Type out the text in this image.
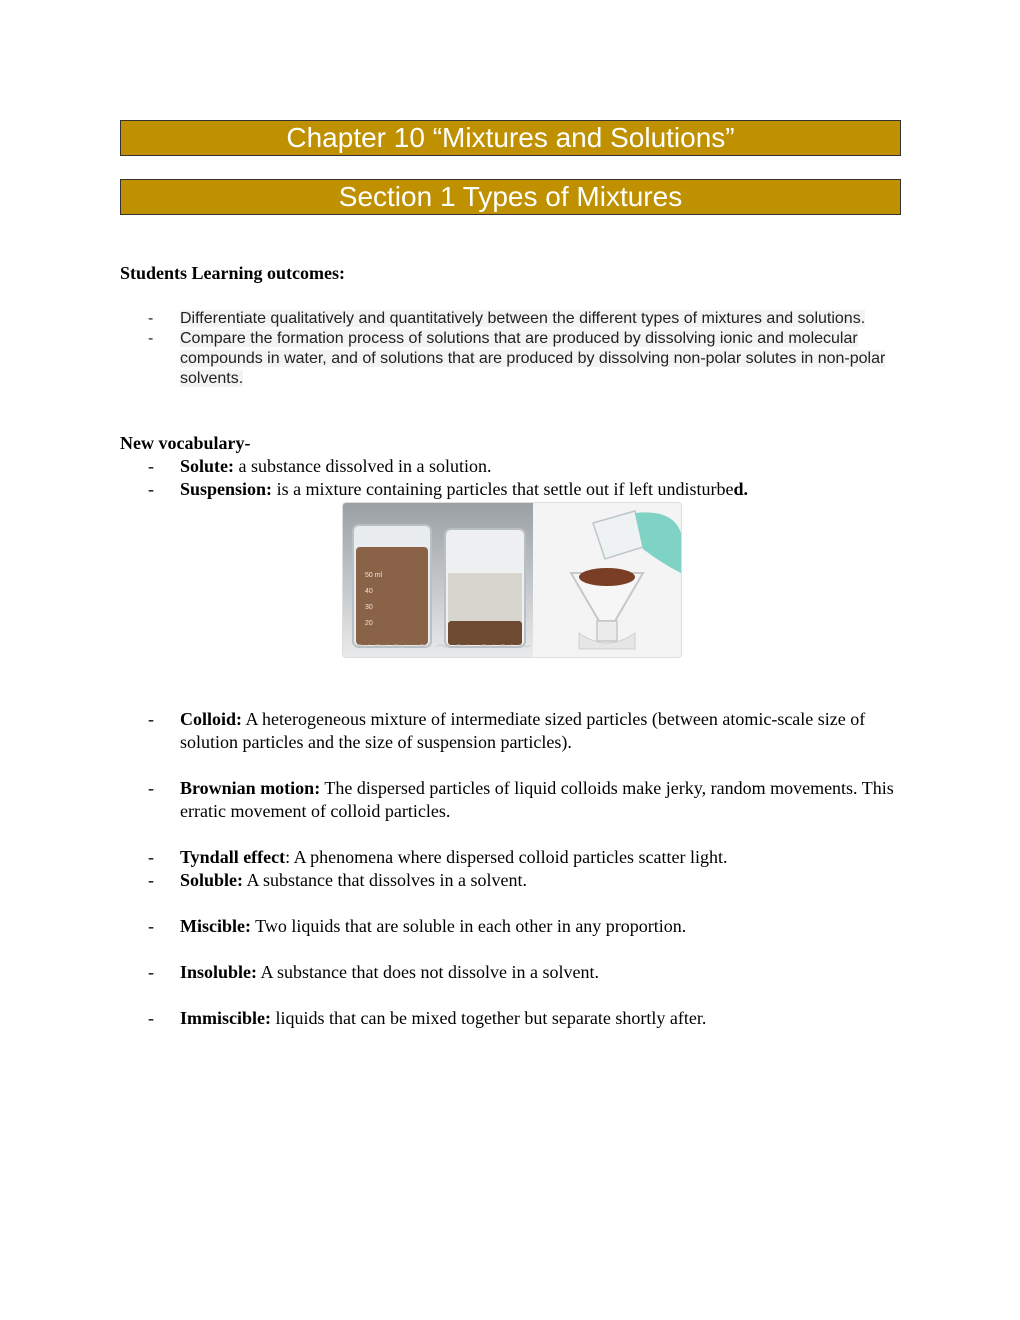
Chapter 10 “Mixtures and Solutions”
Section 1 Types of Mixtures
Students Learning outcomes:
- Differentiate qualitatively and quantitatively between the different types of mixtures and solutions.
- Compare the formation process of solutions that are produced by dissolving ionic and molecular compounds in water, and of solutions that are produced by dissolving non-polar solutes in non-polar solvents.
New vocabulary-
- Solute: a substance dissolved in a solution.
- Suspension: is a mixture containing particles that settle out if left undisturbed.
50 ml
40
30
20
~~~ ~~~ ~~~
- Colloid: A heterogeneous mixture of intermediate sized particles (between atomic-scale size of solution particles and the size of suspension particles).
- Brownian motion: The dispersed particles of liquid colloids make jerky, random movements. This erratic movement of colloid particles.
- Tyndall effect: A phenomena where dispersed colloid particles scatter light.
- Soluble: A substance that dissolves in a solvent.
- Miscible: Two liquids that are soluble in each other in any proportion.
- Insoluble: A substance that does not dissolve in a solvent.
- Immiscible: liquids that can be mixed together but separate shortly after.
